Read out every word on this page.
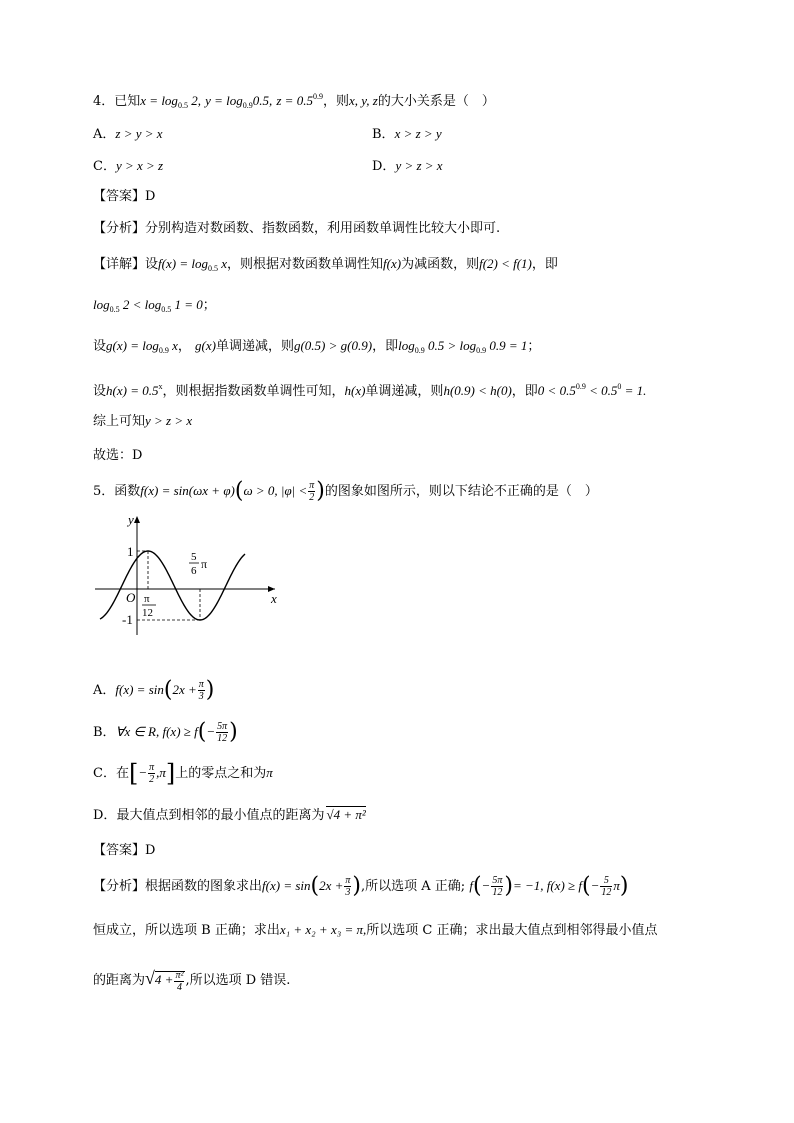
4．已知$x = \log_{0.5} 2$, $y = \log_{0.9}0.5$, $z = 0.5^{0.9}$，则x, y, z的大小关系是（　）
A．z > y > x	B．x > z > y
C．y > x > z	D．y > z > x
【答案】D
【分析】分别构造对数函数、指数函数，利用函数单调性比较大小即可.
【详解】设$f(x) = \log_{0.5} x$，则根据对数函数单调性知f(x)为减函数，则f(2) < f(1)，即
$\log_{0.5} 2 < \log_{0.5} 1 = 0$；
设$g(x) = \log_{0.9} x$， g(x)单调递减，则g(0.5) > g(0.9)，即$\log_{0.9} 0.5 > \log_{0.9} 0.9 = 1$；
设$h(x) = 0.5^x$，则根据指数函数单调性可知，h(x)单调递减，则h(0.9) < h(0)，即$0 < 0.5^{0.9} < 0.5^0 = 1$.
综上可知y > z > x
故选：D
5．函数f(x) = sin(ωx + φ)(ω > 0, $|\varphi| < \frac{\pi}{2}$ )的图象如图所示，则以下结论不正确的是（　）
y
x
O
1
-1
π
12
5
6 π
A．$f(x) = \sin(2x + \frac{\pi}{3}$ )
B．∀x ∈ R, $f(x) \ge f(- \frac{5\pi}{12}$ )
C．在[− $\frac{\pi}{2} ,\pi$]上的零点之和为π
D．最大值点到相邻的最小值点的距离为 √4 + π²
【答案】D
【分析】根据函数的图象求出$f(x) = \sin(2x + \frac{\pi}{3}$ ),所以选项 A 正确; $f(- \frac{5\pi}{12}$ )= −1, $f(x) \ge f(- \frac{5}{12} \pi)$
恒成立，所以选项 B 正确；求出x₁ + x₂ + x₃ = π,所以选项 C 正确；求出最大值点到相邻得最小值点
的距离为$√4 + \frac{\text{π²}}{4}$ ,所以选项 D 错误.
